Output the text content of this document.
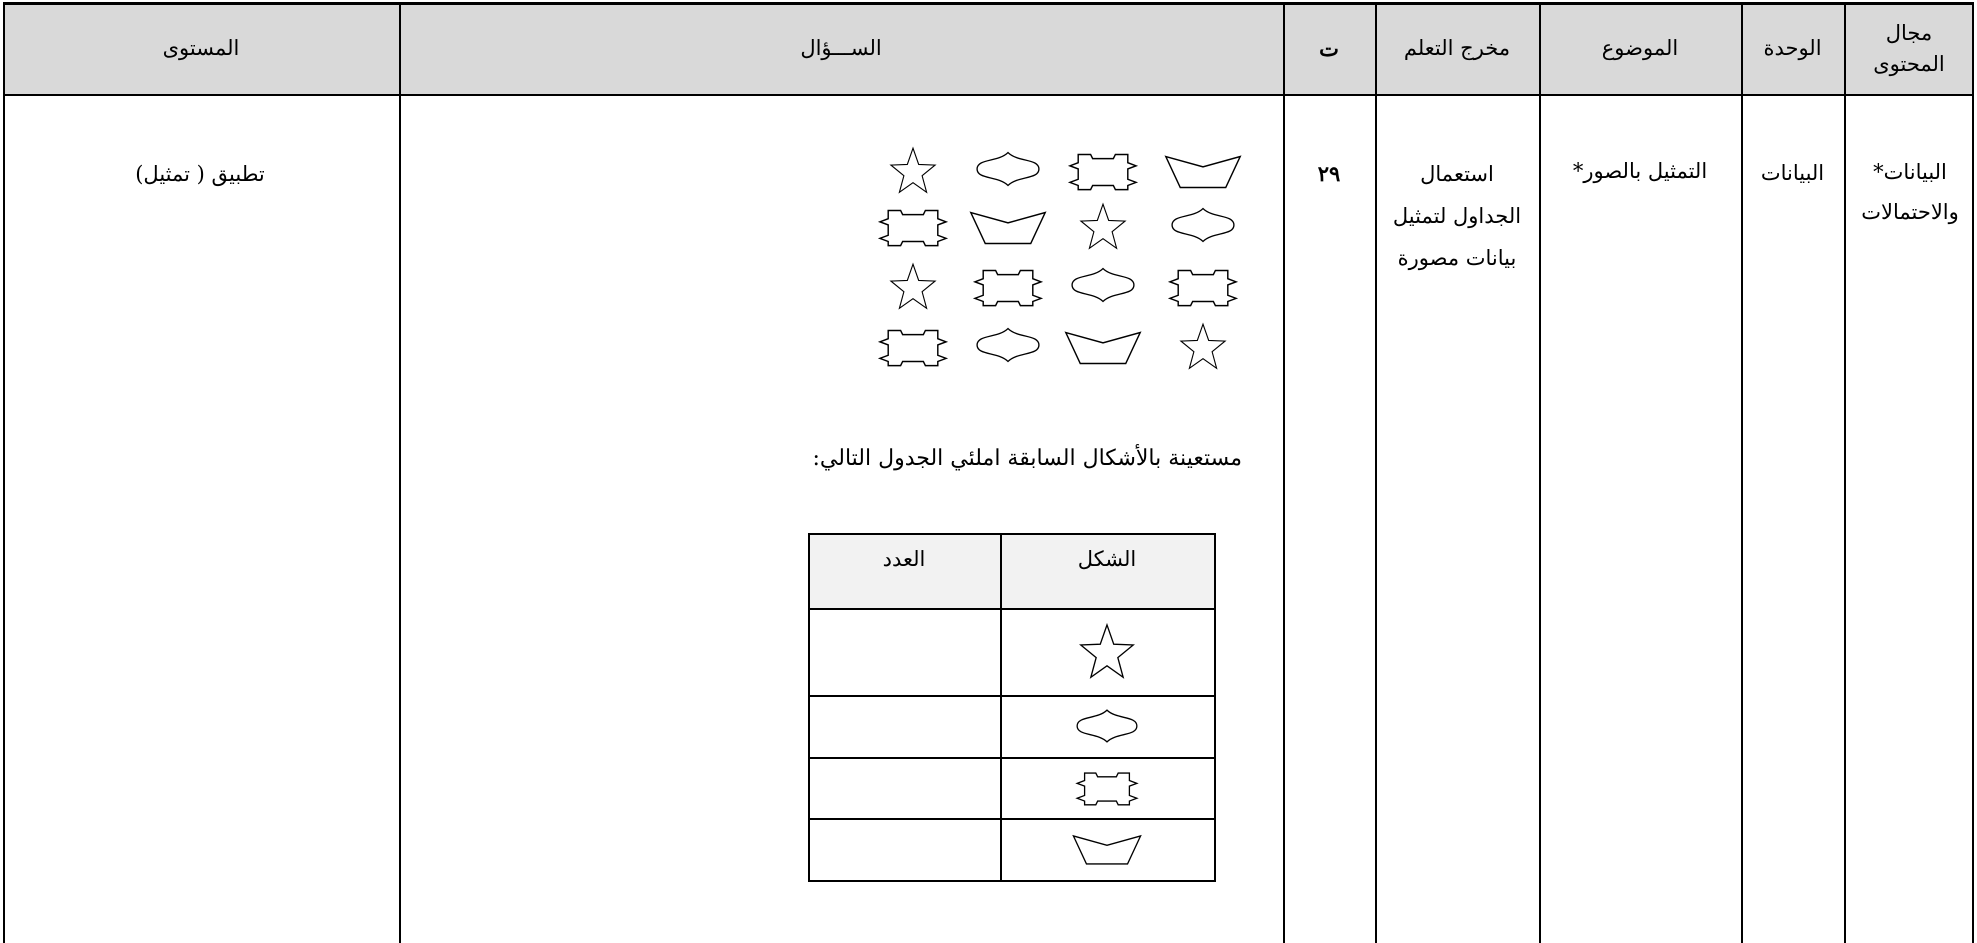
مجال المحتوى
الوحدة
الموضوع
مخرج التعلم
ت
الســـؤال
المستوى
*البيانات والاحتمالات
البيانات
*التمثيل بالصور
استعمال الجداول لتمثيل بيانات مصورة
٢٩
تطبيق ( تمثيل)
مستعينة بالأشكال السابقة املئي الجدول التالي:
الشكل
العدد
